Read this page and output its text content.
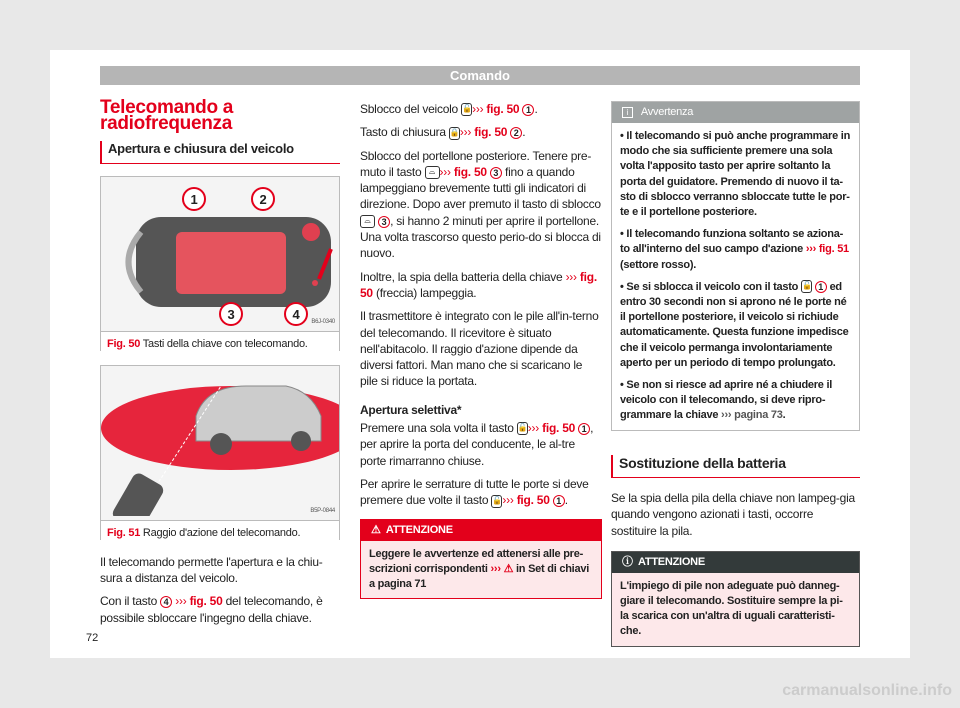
Comando
Telecomando a radiofrequenza
Apertura e chiusura del veicolo
1	2
3	4 B6J-0340
Fig. 50 Tasti della chiave con telecomando.
B5P-0844
Fig. 51 Raggio d'azione del telecomando.

Il telecomando permette l'apertura e la chiu-sura a distanza del veicolo.

Con il tasto 4 ››› fig. 50 del telecomando, è possibile sbloccare l'ingegno della chiave.

Sblocco del veicolo 🔓››› fig. 50 1 .

Tasto di chiusura 🔒››› fig. 50 2 .

Sblocco del portellone posteriore. Tenere pre-muto il tasto ⌓ ››› fig. 50 3 fino a quando lampeggiano brevemente tutti gli indicatori di direzione. Dopo aver premuto il tasto di sblocco ⌓ 3 , si hanno 2 minuti per aprire il portellone. Una volta trascorso questo perio-do si blocca di nuovo.

Inoltre, la spia della batteria della chiave ››› fig. 50 (freccia) lampeggia.

Il trasmettitore è integrato con le pile all'in-terno del telecomando. Il ricevitore è situato nell'abitacolo. Il raggio d'azione dipende da diversi fattori. Man mano che si scaricano le pile si riduce la portata.

Apertura selettiva*

Premere una sola volta il tasto 🔓››› fig. 50 1 , per aprire la porta del conducente, le al-tre porte rimarranno chiuse.

Per aprire le serrature di tutte le porte si deve premere due volte il tasto 🔓››› fig. 50 1 .

⚠ ATTENZIONE
Leggere le avvertenze ed attenersi alle pre-scrizioni corrispondenti ››› ⚠ in Set di chiavi a pagina 71
i Avvertenza

• Il telecomando si può anche programmare in modo che sia sufficiente premere una sola volta l'apposito tasto per aprire soltanto la porta del guidatore. Premendo di nuovo il ta-sto di sblocco verranno sbloccate tutte le por-te e il portellone posteriore.

• Il telecomando funziona soltanto se aziona-to all'interno del suo campo d'azione ››› fig. 51 (settore rosso).

• Se si sblocca il veicolo con il tasto 🔓 1 ed entro 30 secondi non si aprono né le porte né il portellone posteriore, il veicolo si richiude automaticamente. Questa funzione impedisce che il veicolo permanga involontariamente aperto per un periodo di tempo prolungato.

• Se non si riesce ad aprire né a chiudere il veicolo con il telecomando, si deve ripro-grammare la chiave ››› pagina 73.

Sostituzione della batteria

Se la spia della pila della chiave non lampeg-gia quando vengono azionati i tasti, occorre sostituire la pila.

ⓘ ATTENZIONE
L'impiego di pile non adeguate può danneg-giare il telecomando. Sostituire sempre la pi-la scarica con un'altra di uguali caratteristi-che.
72
carmanualsonline.info
